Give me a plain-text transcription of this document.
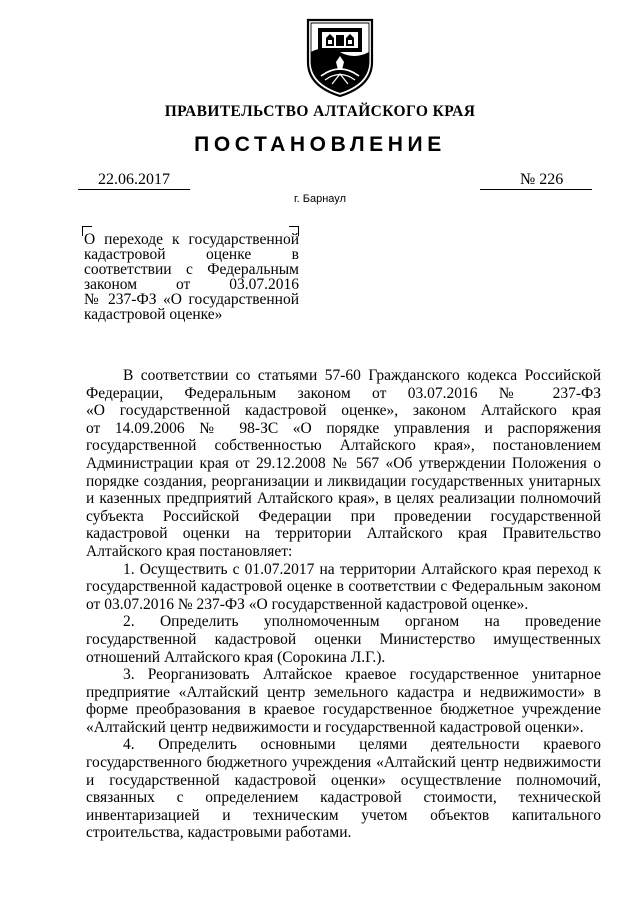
ПРАВИТЕЛЬСТВО АЛТАЙСКОГО КРАЯ
ПОСТАНОВЛЕНИЕ
22.06.2017	№ 226
г. Барнаул
О переходе к государственной
кадастровой оценке в
соответствии с Федеральным
законом от 03.07.2016
№ 237-ФЗ «О государственной
кадастровой оценке»
В соответствии со статьями 57-60 Гражданского кодекса Российской
Федерации, Федеральным законом от 03.07.2016 № 237-ФЗ
«О государственной кадастровой оценке», законом Алтайского края
от 14.09.2006 № 98-ЗС «О порядке управления и распоряжения
государственной собственностью Алтайского края», постановлением
Администрации края от 29.12.2008 № 567 «Об утверждении Положения о
порядке создания, реорганизации и ликвидации государственных унитарных
и казенных предприятий Алтайского края», в целях реализации полномочий
субъекта Российской Федерации при проведении государственной
кадастровой оценки на территории Алтайского края Правительство
Алтайского края постановляет:
1. Осуществить с 01.07.2017 на территории Алтайского края переход к
государственной кадастровой оценке в соответствии с Федеральным законом
от 03.07.2016 № 237-ФЗ «О государственной кадастровой оценке».
2. Определить уполномоченным органом на проведение
государственной кадастровой оценки Министерство имущественных
отношений Алтайского края (Сорокина Л.Г.).
3. Реорганизовать Алтайское краевое государственное унитарное
предприятие «Алтайский центр земельного кадастра и недвижимости» в
форме преобразования в краевое государственное бюджетное учреждение
«Алтайский центр недвижимости и государственной кадастровой оценки».
4. Определить основными целями деятельности краевого
государственного бюджетного учреждения «Алтайский центр недвижимости
и государственной кадастровой оценки» осуществление полномочий,
связанных с определением кадастровой стоимости, технической
инвентаризацией и техническим учетом объектов капитального
строительства, кадастровыми работами.
